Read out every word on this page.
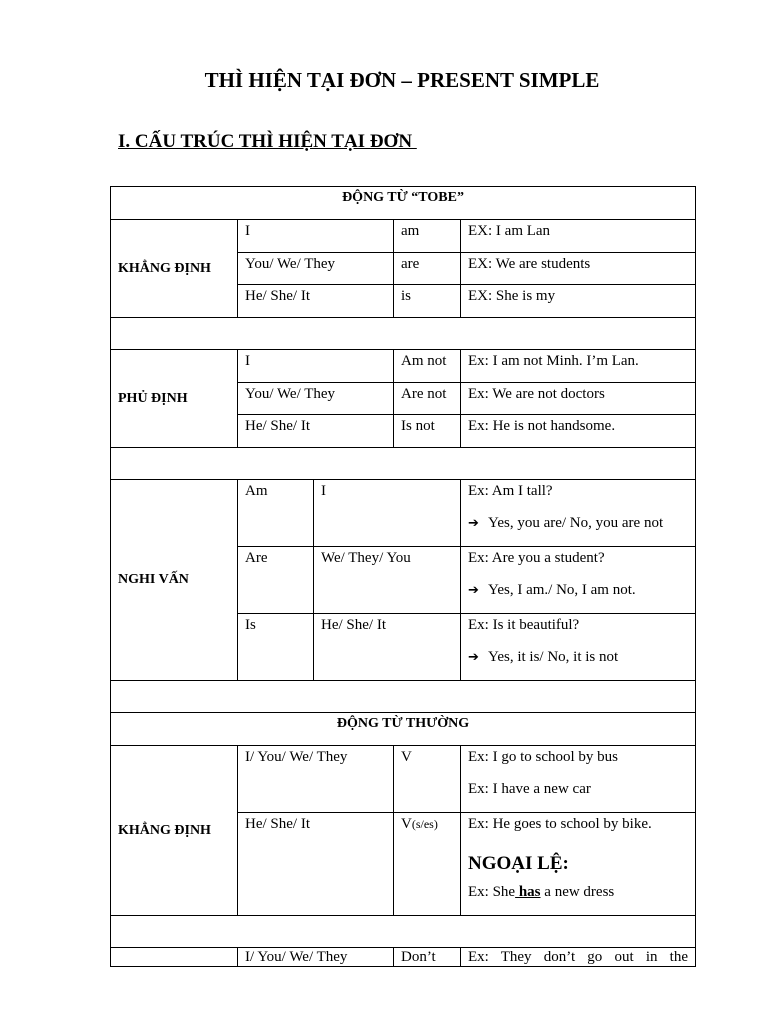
THÌ HIỆN TẠI ĐƠN – PRESENT SIMPLE
I. CẤU TRÚC THÌ HIỆN TẠI ĐƠN
ĐỘNG TỪ “TOBE”				
KHẲNG ĐỊNH	I		am	EX: I am Lan
	You/ We/ They		are	EX: We are students
	He/ She/ It		is	EX: She is my

PHỦ ĐỊNH	I		Am not	Ex: I am not Minh. I’m Lan.
	You/ We/ They		Are not	Ex: We are not doctors
	He/ She/ It		Is not	Ex: He is not handsome.

NGHI VẤN	Am	I		Ex: Am I tall?
➔ Yes, you are/ No, you are not

	Are	We/ They/ You		Ex: Are you a student?
➔ Yes, I am./ No, I am not.

	Is	He/ She/ It		Ex: Is it beautiful?
➔ Yes, it is/ No, it is not

ĐỘNG TỪ THƯỜNG				
KHẲNG ĐỊNH	I/ You/ We/ They		V	Ex: I go to school by bus
Ex: I have a new car

	He/ She/ It		V(s/es)	Ex: He goes to school by bike.
NGOẠI LỆ:
Ex: She has a new dress

	I/ You/ We/ They		Don’t	Ex: They don’t go out in the
